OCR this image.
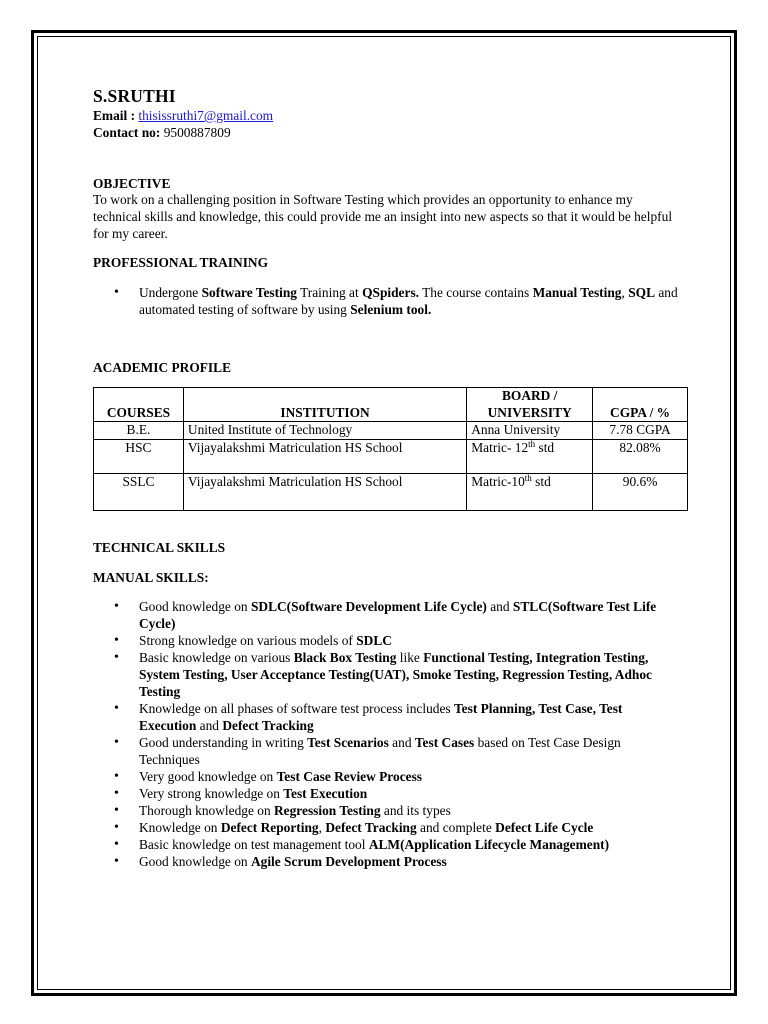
S.SRUTHI
Email : thisissruthi7@gmail.com
Contact no: 9500887809
OBJECTIVE
To work on a challenging position in Software Testing which provides an opportunity to enhance my technical skills and knowledge, this could provide me an insight into new aspects so that it would be helpful for my career.
PROFESSIONAL TRAINING
• Undergone Software Testing Training at QSpiders. The course contains Manual Testing, SQL and automated testing of software by using Selenium tool.
ACADEMIC PROFILE
COURSES	INSTITUTION	BOARD / UNIVERSITY	CGPA / %
B.E.	United Institute of Technology	Anna University	7.78 CGPA
HSC	Vijayalakshmi Matriculation HS School	Matric- 12th std	82.08%
SSLC	Vijayalakshmi Matriculation HS School	Matric-10th std	90.6%
TECHNICAL SKILLS
MANUAL SKILLS:
• Good knowledge on SDLC(Software Development Life Cycle) and STLC(Software Test Life Cycle)
• Strong knowledge on various models of SDLC
• Basic knowledge on various Black Box Testing like Functional Testing, Integration Testing, System Testing, User Acceptance Testing(UAT), Smoke Testing, Regression Testing, Adhoc Testing
• Knowledge on all phases of software test process includes Test Planning, Test Case, Test Execution and Defect Tracking
• Good understanding in writing Test Scenarios and Test Cases based on Test Case Design Techniques
• Very good knowledge on Test Case Review Process
• Very strong knowledge on Test Execution
• Thorough knowledge on Regression Testing and its types
• Knowledge on Defect Reporting, Defect Tracking and complete Defect Life Cycle
• Basic knowledge on test management tool ALM(Application Lifecycle Management)
• Good knowledge on Agile Scrum Development Process
